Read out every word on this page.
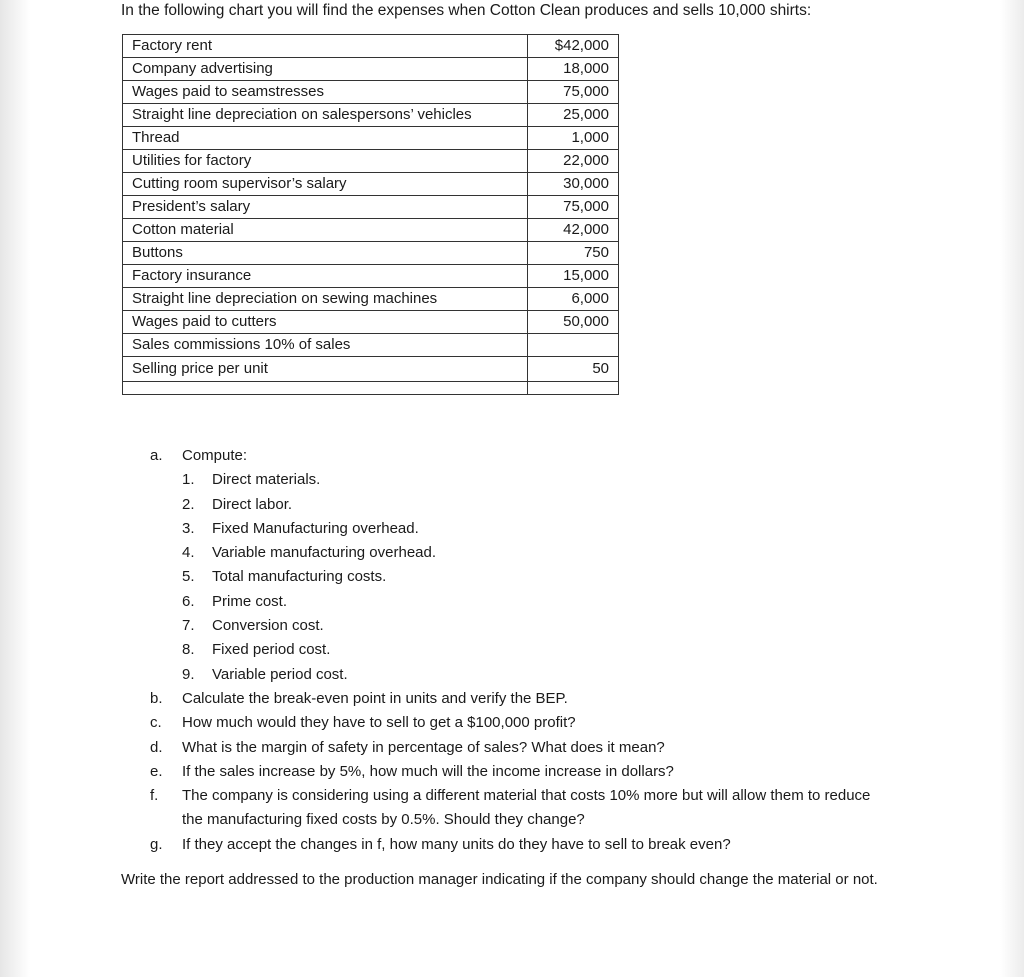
In the following chart you will find the expenses when Cotton Clean produces and sells 10,000 shirts:
Factory rent	$42,000
Company advertising	18,000
Wages paid to seamstresses	75,000
Straight line depreciation on salespersons’ vehicles	25,000
Thread	1,000
Utilities for factory	22,000
Cutting room supervisor’s salary	30,000
President’s salary	75,000
Cotton material	42,000
Buttons	750
Factory insurance	15,000
Straight line depreciation on sewing machines	6,000
Wages paid to cutters	50,000
Sales commissions 10% of sales	
Selling price per unit	50

a.	Compute:
1.	Direct materials.
2.	Direct labor.
3.	Fixed Manufacturing overhead.
4.	Variable manufacturing overhead.
5.	Total manufacturing costs.
6.	Prime cost.
7.	Conversion cost.
8.	Fixed period cost.
9.	Variable period cost.
b.	Calculate the break-even point in units and verify the BEP.
c.	How much would they have to sell to get a $100,000 profit?
d.	What is the margin of safety in percentage of sales? What does it mean?
e.	If the sales increase by 5%, how much will the income increase in dollars?
f.	The company is considering using a different material that costs 10% more but will allow them to reduce the manufacturing fixed costs by 0.5%. Should they change?
g.	If they accept the changes in f, how many units do they have to sell to break even?
Write the report addressed to the production manager indicating if the company should change the material or not.
